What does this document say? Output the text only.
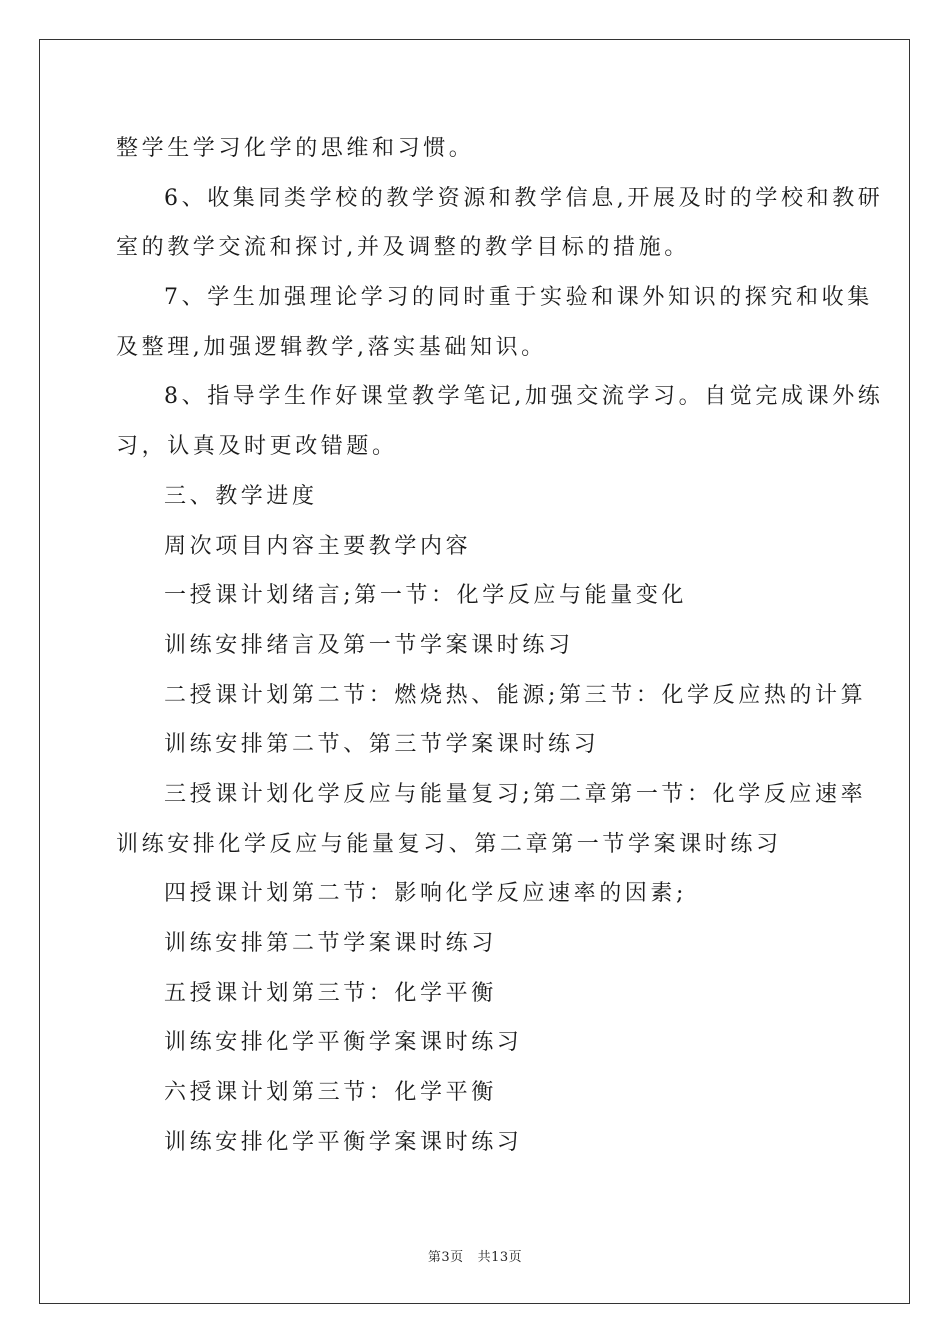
整学生学习化学的思维和习惯。
6、收集同类学校的教学资源和教学信息,开展及时的学校和教研
室的教学交流和探讨,并及调整的教学目标的措施。
7、学生加强理论学习的同时重于实验和课外知识的探究和收集
及整理,加强逻辑教学,落实基础知识。
8、指导学生作好课堂教学笔记,加强交流学习。自觉完成课外练
习，认真及时更改错题。
三、教学进度
周次项目内容主要教学内容
一授课计划绪言;第一节：化学反应与能量变化
训练安排绪言及第一节学案课时练习
二授课计划第二节：燃烧热、能源;第三节：化学反应热的计算
训练安排第二节、第三节学案课时练习
三授课计划化学反应与能量复习;第二章第一节：化学反应速率
训练安排化学反应与能量复习、第二章第一节学案课时练习
四授课计划第二节：影响化学反应速率的因素;
训练安排第二节学案课时练习
五授课计划第三节：化学平衡
训练安排化学平衡学案课时练习
六授课计划第三节：化学平衡
训练安排化学平衡学案课时练习
第3页 共13页
